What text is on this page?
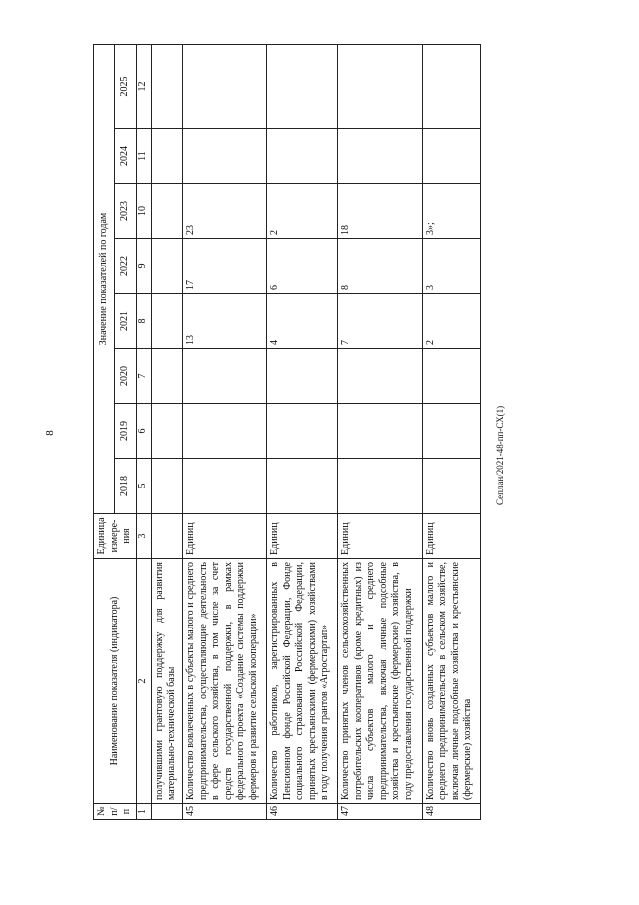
8	Сеплан/2021-48-пп-СХ(1)
№ п/ п	Наименование показателя (индикатора)	Единица измере- ния	Значение показателей по годам							
			2018	2019	2020	2021	2022	2023	2024	2025
1	2	3	5	6	7	8	9	10	11	12
	получившими грантовую поддержку для развития материально-технической базы									
45	Количество вовлеченных в субъекты малого и среднего предпринимательства, осуществляющие деятельность в сфере сельского хозяйства, в том числе за счет средств государственной поддержки, в рамках федерального проекта «Создание системы поддержки фермеров и развитие сельской кооперации»	Единиц				13	17	23		
46	Количество работников, зарегистрированных в Пенсионном фонде Российской Федерации, Фонде социального страхования Российской Федерации, принятых крестьянскими (фермерскими) хозяйствами в году получения грантов «Агростартап»	Единиц				4	6	2		
47	Количество принятых членов сельскохозяйственных потребительских кооперативов (кроме кредитных) из числа субъектов малого и среднего предпринимательства, включая личные подсобные хозяйства и крестьянские (фермерские) хозяйства, в году предоставления государственной поддержки	Единиц				7	8	18		
48	Количество вновь созданных субъектов малого и среднего предпринимательства в сельском хозяйстве, включая личные подсобные хозяйства и крестьянские (фермерские) хозяйства	Единиц				2	3	3»;		
